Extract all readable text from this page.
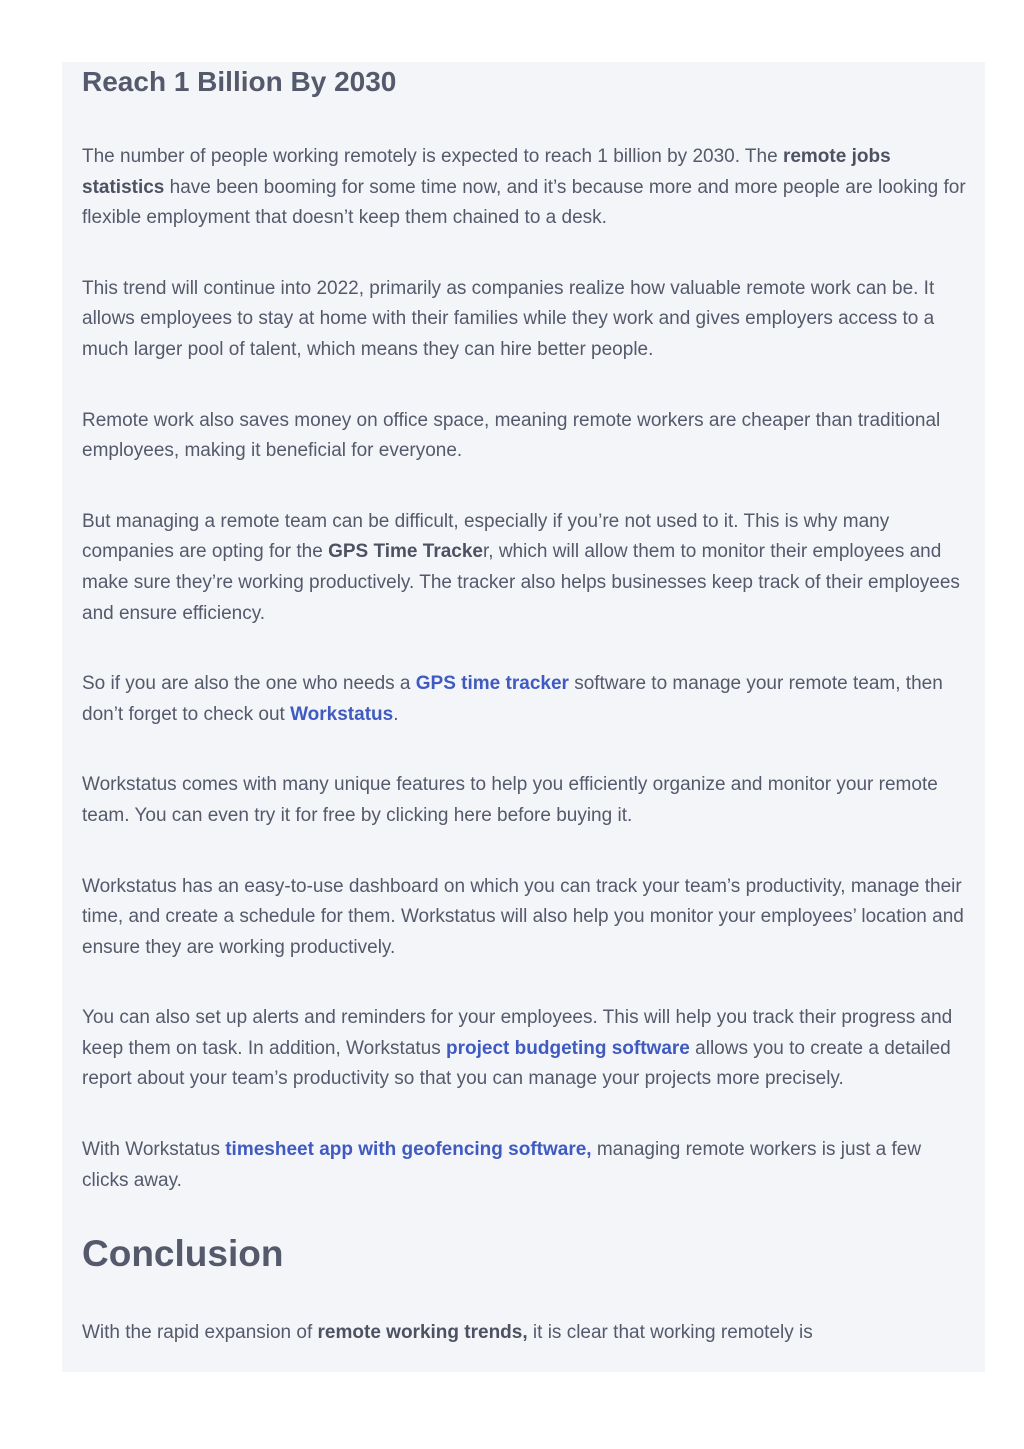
Reach 1 Billion By 2030

The number of people working remotely is expected to reach 1 billion by 2030. The remote jobs statistics have been booming for some time now, and it’s because more and more people are looking for flexible employment that doesn’t keep them chained to a desk.

This trend will continue into 2022, primarily as companies realize how valuable remote work can be. It allows employees to stay at home with their families while they work and gives employers access to a much larger pool of talent, which means they can hire better people.

Remote work also saves money on office space, meaning remote workers are cheaper than traditional employees, making it beneficial for everyone.

But managing a remote team can be difficult, especially if you’re not used to it. This is why many companies are opting for the GPS Time Tracker, which will allow them to monitor their employees and make sure they’re working productively. The tracker also helps businesses keep track of their employees and ensure efficiency.

So if you are also the one who needs a GPS time tracker software to manage your remote team, then don’t forget to check out Workstatus.

Workstatus comes with many unique features to help you efficiently organize and monitor your remote team. You can even try it for free by clicking here before buying it.

Workstatus has an easy-to-use dashboard on which you can track your team’s productivity, manage their time, and create a schedule for them. Workstatus will also help you monitor your employees’ location and ensure they are working productively.

You can also set up alerts and reminders for your employees. This will help you track their progress and keep them on task. In addition, Workstatus project budgeting software allows you to create a detailed report about your team’s productivity so that you can manage your projects more precisely.

With Workstatus timesheet app with geofencing software, managing remote workers is just a few clicks away.

Conclusion

With the rapid expansion of remote working trends, it is clear that working remotely is
